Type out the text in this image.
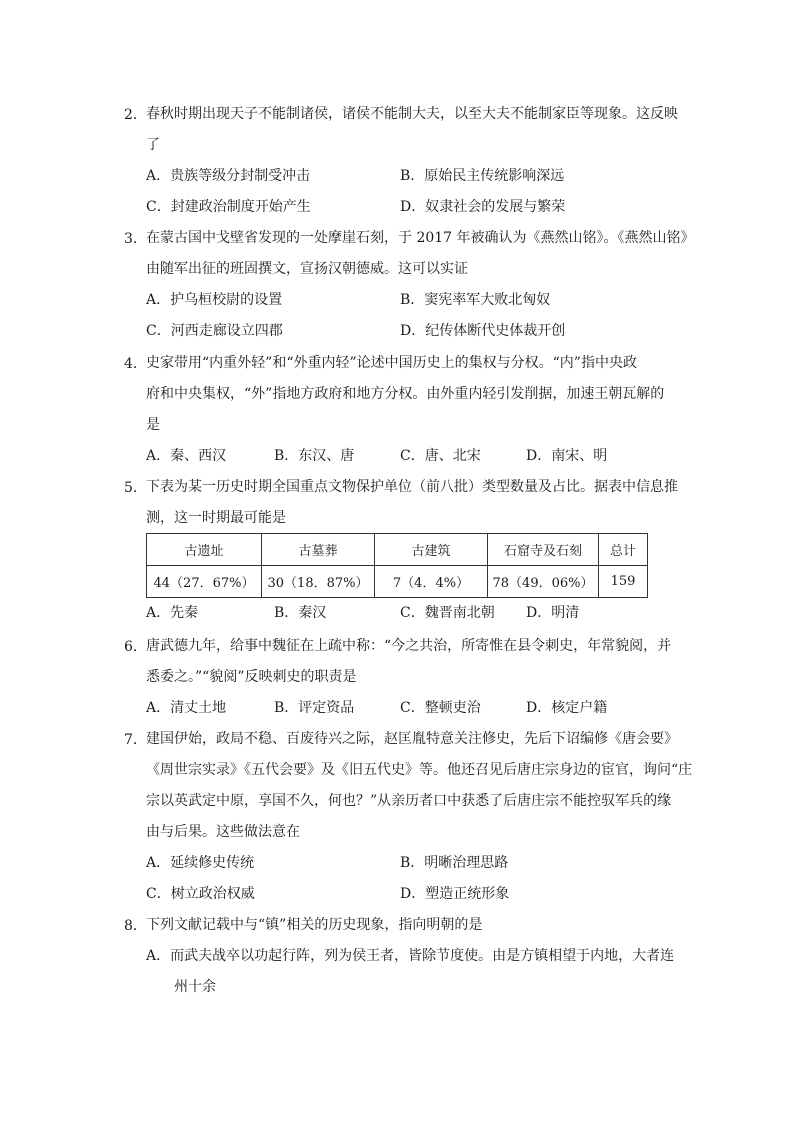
2． 春秋时期出现天子不能制诸侯，诸侯不能制大夫，以至大夫不能制家臣等现象。这反映
了
A．贵族等级分封制受冲击	B．原始民主传统影响深远
C．封建政治制度开始产生	D．奴隶社会的发展与繁荣
3． 在蒙古国中戈壁省发现的一处摩崖石刻，于 2017 年被确认为《燕然山铭》。《燕然山铭》
由随军出征的班固撰文，宣扬汉朝德威。这可以实证
A．护乌桓校尉的设置	B．窦宪率军大败北匈奴
C．河西走廊设立四郡	D．纪传体断代史体裁开创
4． 史家带用“内重外轻”和“外重内轻”论述中国历史上的集权与分权。“内”指中央政
府和中央集权，“外”指地方政府和地方分权。由外重内轻引发削据，加速王朝瓦解的
是
A．秦、西汉	B．东汉、唐	C．唐、北宋	D．南宋、明
5． 下表为某一历史时期全国重点文物保护单位（前八批）类型数量及占比。据表中信息推
测，这一时期最可能是
古遗址	古墓葬	古建筑	石窟寺及石刻	总计
44（27．67%）	30（18．87%）	7（4．4%）	78（49．06%）	159
A．先秦	B．秦汉	C．魏晋南北朝 D．明清
6． 唐武德九年，给事中魏征在上疏中称：“今之共治，所寄惟在县令刺史，年常貌阅，并
悉委之。”“貌阅”反映刺史的职责是
A．清丈土地	B．评定资品	C．整顿吏治	D．核定户籍
7． 建国伊始，政局不稳、百废待兴之际，赵匡胤特意关注修史，先后下诏编修《唐会要》
《周世宗实录》《五代会要》及《旧五代史》等。他还召见后唐庄宗身边的宦官，询问“庄
宗以英武定中原，享国不久，何也？”从亲历者口中获悉了后唐庄宗不能控驭军兵的缘
由与后果。这些做法意在
A．延续修史传统	B．明晰治理思路
C．树立政治权威	D．塑造正统形象
8． 下列文献记载中与“镇”相关的历史现象，指向明朝的是
A．而武夫战卒以功起行阵，列为侯王者，皆除节度使。由是方镇相望于内地，大者连
州十余
